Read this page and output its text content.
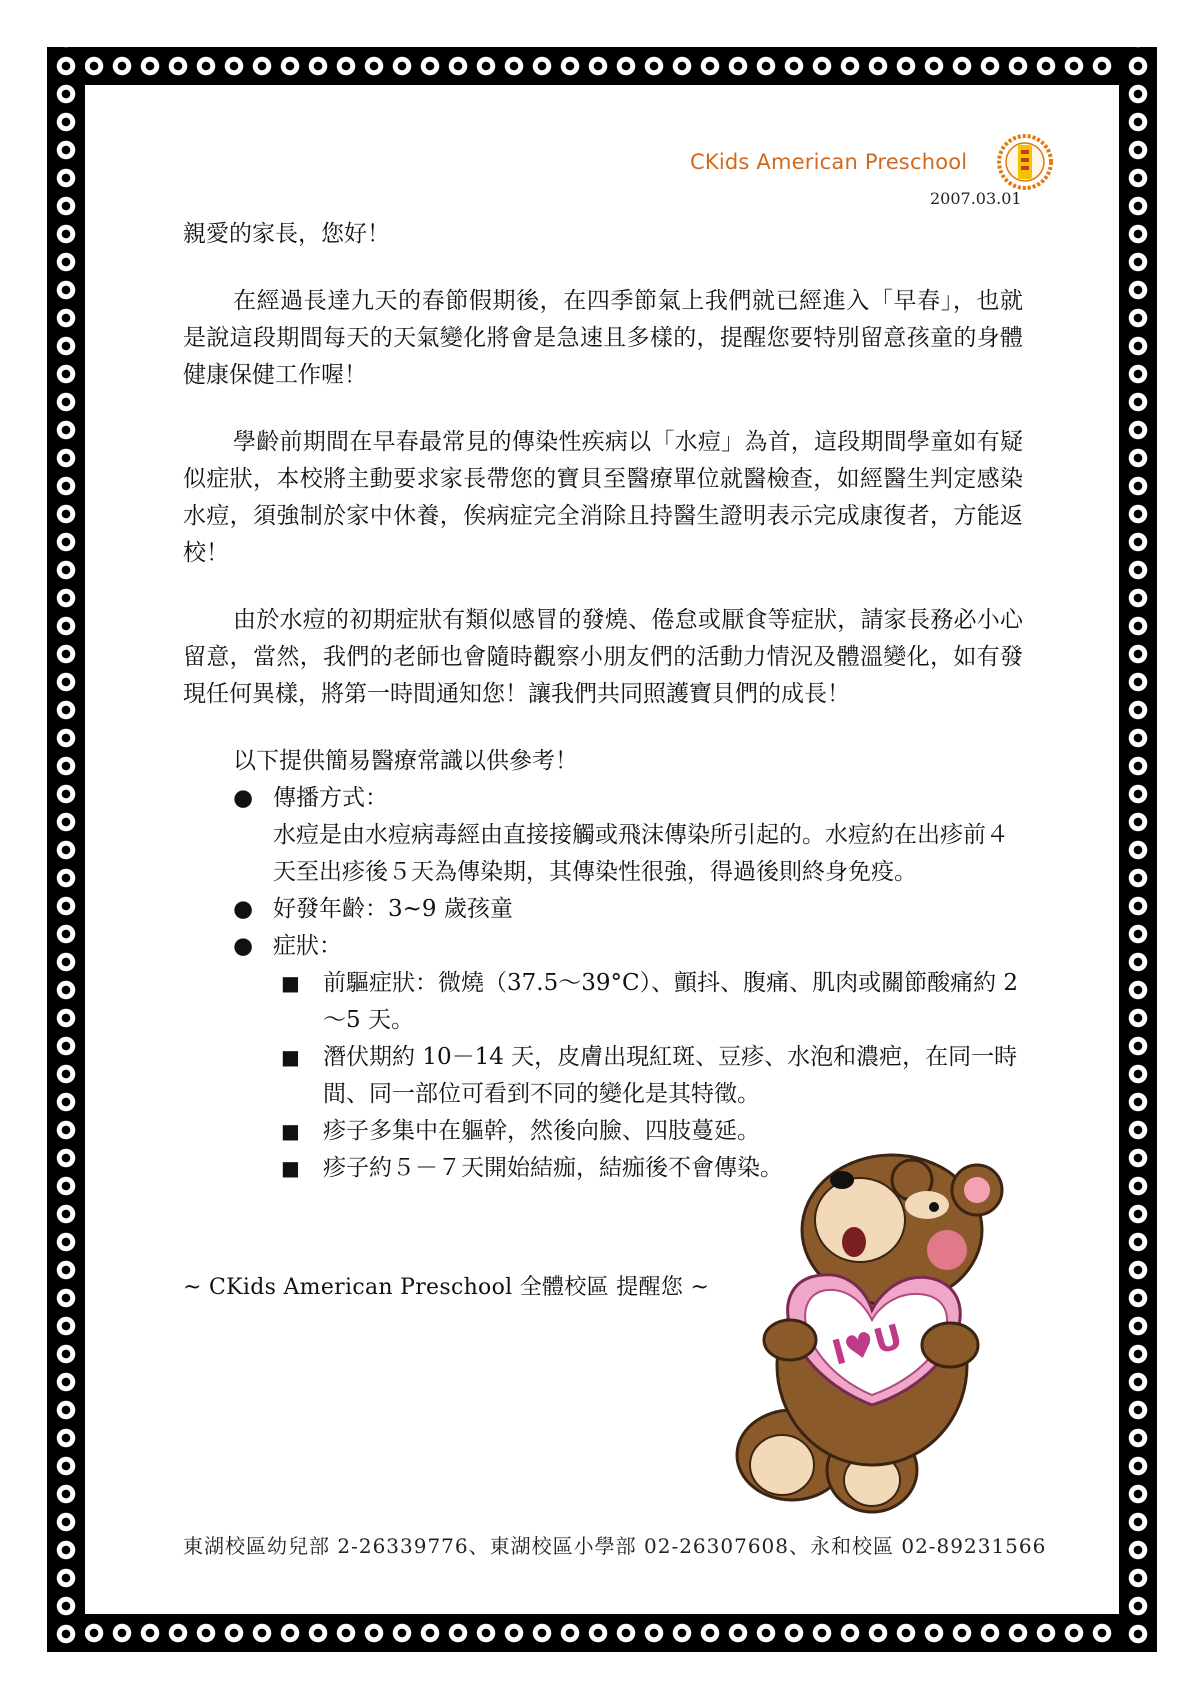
CKids American Preschool
2007.03.01

親愛的家長，您好！

在經過長達九天的春節假期後，在四季節氣上我們就已經進入「早春」，也就是說這段期間每天的天氣變化將會是急速且多樣的，提醒您要特別留意孩童的身體健康保健工作喔！

學齡前期間在早春最常見的傳染性疾病以「水痘」為首，這段期間學童如有疑似症狀，本校將主動要求家長帶您的寶貝至醫療單位就醫檢查，如經醫生判定感染水痘，須強制於家中休養，俟病症完全消除且持醫生證明表示完成康復者，方能返校！

由於水痘的初期症狀有類似感冒的發燒、倦怠或厭食等症狀，請家長務必小心留意，當然，我們的老師也會隨時觀察小朋友們的活動力情況及體溫變化，如有發現任何異樣，將第一時間通知您！讓我們共同照護寶貝們的成長！

以下提供簡易醫療常識以供參考！

● 傳播方式：
水痘是由水痘病毒經由直接接觸或飛沫傳染所引起的。水痘約在出疹前４天至出疹後５天為傳染期，其傳染性很強，得過後則終身免疫。
● 好發年齡：3~9 歲孩童
● 症狀：
■	前驅症狀：微燒（37.5～39°C）、顫抖、腹痛、肌肉或關節酸痛約 2～5 天。
■	潛伏期約 10－14 天，皮膚出現紅斑、豆疹、水泡和濃疤，在同一時間、同一部位可看到不同的變化是其特徵。
■	疹子多集中在軀幹，然後向臉、四肢蔓延。
■	疹子約５－７天開始結痂，結痂後不會傳染。
~ CKids American Preschool 全體校區 提醒您 ~
I♥U
東湖校區幼兒部 2-26339776、東湖校區小學部 02-26307608、永和校區 02-89231566
